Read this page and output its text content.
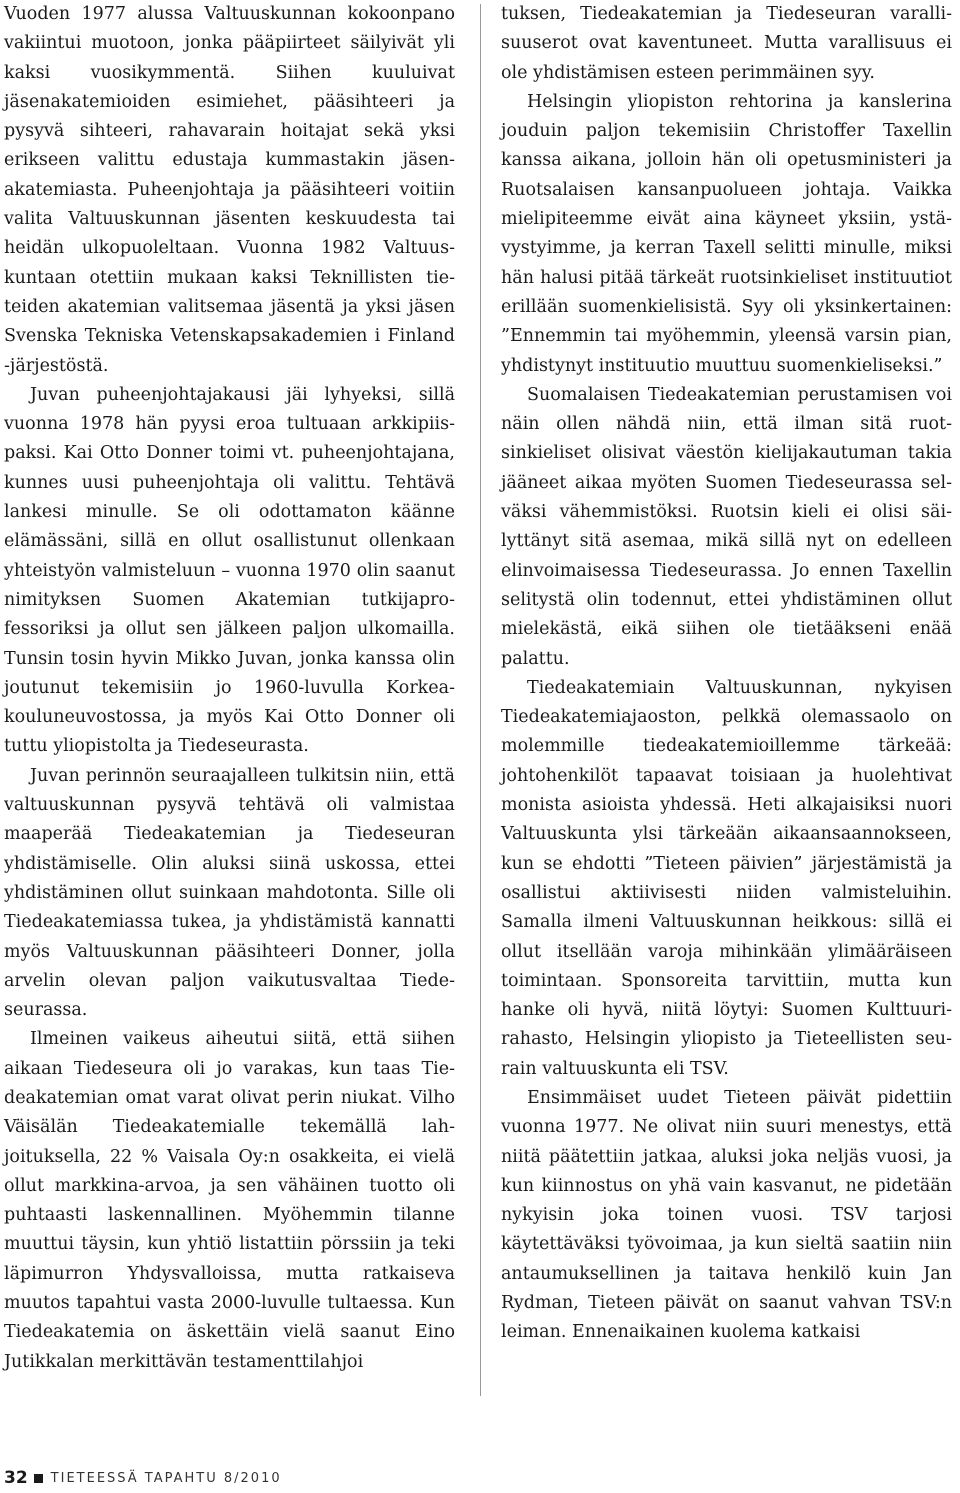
Vuoden 1977 alussa Valtuuskunnan kokoonpano vakiintui muotoon, jonka pääpiirteet säilyivät yli kaksi vuosikymmentä. Siihen kuuluivat jäsenakatemioiden esimiehet, pääsihteeri ja pysyvä sihteeri, rahavarain hoitajat sekä yksi erikseen valittu edustaja kummastakin jäsenakatemiasta. Puheenjohtaja ja pääsihteeri voitiin valita Valtuuskunnan jäsenten keskuudesta tai heidän ulkopuoleltaan. Vuonna 1982 Valtuuskuntaan otettiin mukaan kaksi Teknillisten tieteiden akatemian valitsemaa jäsentä ja yksi jäsen Svenska Tekniska Vetenskapsakademien i Finland -järjestöstä.

Juvan puheenjohtajakausi jäi lyhyeksi, sillä vuonna 1978 hän pyysi eroa tultuaan arkkipiispaksi. Kai Otto Donner toimi vt. puheenjohtajana, kunnes uusi puheenjohtaja oli valittu. Tehtävä lankesi minulle. Se oli odottamaton käänne elämässäni, sillä en ollut osallistunut ollenkaan yhteistyön valmisteluun – vuonna 1970 olin saanut nimityksen Suomen Akatemian tutkijaprofessoriksi ja ollut sen jälkeen paljon ulkomailla. Tunsin tosin hyvin Mikko Juvan, jonka kanssa olin joutunut tekemisiin jo 1960-luvulla Korkeakouluneuvostossa, ja myös Kai Otto Donner oli tuttu yliopistolta ja Tiedeseurasta.

Juvan perinnön seuraajalleen tulkitsin niin, että valtuuskunnan pysyvä tehtävä oli valmistaa maaperää Tiedeakatemian ja Tiedeseuran yhdistämiselle. Olin aluksi siinä uskossa, ettei yhdistäminen ollut suinkaan mahdotonta. Sille oli Tiedeakatemiassa tukea, ja yhdistämistä kannatti myös Valtuuskunnan pääsihteeri Donner, jolla arvelin olevan paljon vaikutusvaltaa Tiedeseurassa.

Ilmeinen vaikeus aiheutui siitä, että siihen aikaan Tiedeseura oli jo varakas, kun taas Tiedeakatemian omat varat olivat perin niukat. Vilho Väisälän Tiedeakatemialle tekemällä lahjoituksella, 22 % Vaisala Oy:n osakkeita, ei vielä ollut markkina-arvoa, ja sen vähäinen tuotto oli puhtaasti laskennallinen. Myöhemmin tilanne muuttui täysin, kun yhtiö listattiin pörssiin ja teki läpimurron Yhdysvalloissa, mutta ratkaiseva muutos tapahtui vasta 2000-luvulle tultaessa. Kun Tiedeakatemia on äskettäin vielä saanut Eino Jutikkalan merkittävän testamenttilahjoi

tuksen, Tiedeakatemian ja Tiedeseuran varallisuuserot ovat kaventuneet. Mutta varallisuus ei ole yhdistämisen esteen perimmäinen syy.

Helsingin yliopiston rehtorina ja kanslerina jouduin paljon tekemisiin Christoffer Taxellin kanssa aikana, jolloin hän oli opetusministeri ja Ruotsalaisen kansanpuolueen johtaja. Vaikka mielipiteemme eivät aina käyneet yksiin, ystävystyimme, ja kerran Taxell selitti minulle, miksi hän halusi pitää tärkeät ruotsinkieliset instituutiot erillään suomenkielisistä. Syy oli yksinkertainen: ”Ennemmin tai myöhemmin, yleensä varsin pian, yhdistynyt instituutio muuttuu suomenkieliseksi.”

Suomalaisen Tiedeakatemian perustamisen voi näin ollen nähdä niin, että ilman sitä ruotsinkieliset olisivat väestön kielijakautuman takia jääneet aikaa myöten Suomen Tiedeseurassa selväksi vähemmistöksi. Ruotsin kieli ei olisi säilyttänyt sitä asemaa, mikä sillä nyt on edelleen elinvoimaisessa Tiedeseurassa. Jo ennen Taxellin selitystä olin todennut, ettei yhdistäminen ollut mielekästä, eikä siihen ole tietääkseni enää palattu.

Tiedeakatemiain Valtuuskunnan, nykyisen Tiedeakatemiajaoston, pelkkä olemassaolo on molemmille tiedeakatemioillemme tärkeää: johtohenkilöt tapaavat toisiaan ja huolehtivat monista asioista yhdessä. Heti alkajaisiksi nuori Valtuuskunta ylsi tärkeään aikaansaannokseen, kun se ehdotti ”Tieteen päivien” järjestämistä ja osallistui aktiivisesti niiden valmisteluihin. Samalla ilmeni Valtuuskunnan heikkous: sillä ei ollut itsellään varoja mihinkään ylimääräiseen toimintaan. Sponsoreita tarvittiin, mutta kun hanke oli hyvä, niitä löytyi: Suomen Kulttuurirahasto, Helsingin yliopisto ja Tieteellisten seurain valtuuskunta eli TSV.

Ensimmäiset uudet Tieteen päivät pidettiin vuonna 1977. Ne olivat niin suuri menestys, että niitä päätettiin jatkaa, aluksi joka neljäs vuosi, ja kun kiinnostus on yhä vain kasvanut, ne pidetään nykyisin joka toinen vuosi. TSV tarjosi käytettäväksi työvoimaa, ja kun sieltä saatiin niin antaumuksellinen ja taitava henkilö kuin Jan Rydman, Tieteen päivät on saanut vahvan TSV:n leiman. Ennenaikainen kuolema katkaisi

32 TIETEESSÄ TAPAHTU 8/2010
